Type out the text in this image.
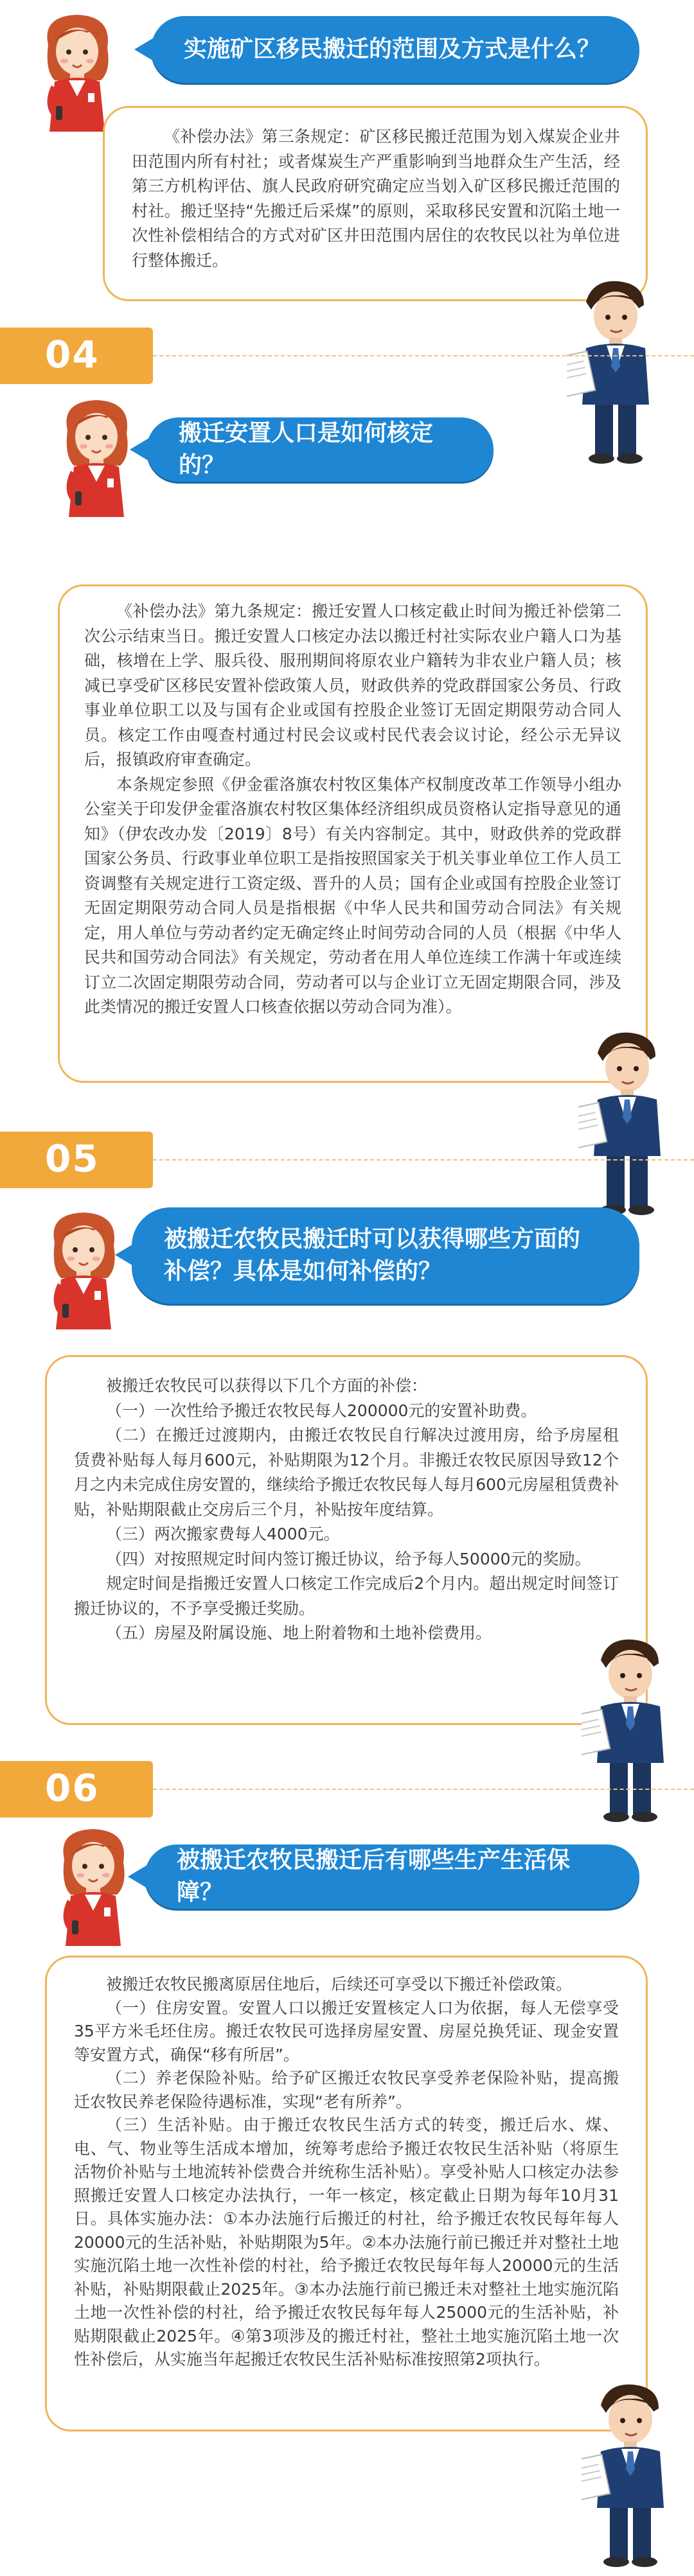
实施矿区移民搬迁的范围及方式是什么？

《补偿办法》第三条规定：矿区移民搬迁范围为划入煤炭企业井田范围内所有村社；或者煤炭生产严重影响到当地群众生产生活，经第三方机构评估、旗人民政府研究确定应当划入矿区移民搬迁范围的村社。搬迁坚持“先搬迁后采煤”的原则，采取移民安置和沉陷土地一次性补偿相结合的方式对矿区井田范围内居住的农牧民以社为单位进行整体搬迁。

04
搬迁安置人口是如何核定的？

《补偿办法》第九条规定：搬迁安置人口核定截止时间为搬迁补偿第二次公示结束当日。搬迁安置人口核定办法以搬迁村社实际农业户籍人口为基础，核增在上学、服兵役、服刑期间将原农业户籍转为非农业户籍人员；核减已享受矿区移民安置补偿政策人员，财政供养的党政群国家公务员、行政事业单位职工以及与国有企业或国有控股企业签订无固定期限劳动合同人员。核定工作由嘎查村通过村民会议或村民代表会议讨论，经公示无异议后，报镇政府审查确定。

本条规定参照《伊金霍洛旗农村牧区集体产权制度改革工作领导小组办公室关于印发伊金霍洛旗农村牧区集体经济组织成员资格认定指导意见的通知》（伊农改办发〔2019〕8号）有关内容制定。其中，财政供养的党政群国家公务员、行政事业单位职工是指按照国家关于机关事业单位工作人员工资调整有关规定进行工资定级、晋升的人员；国有企业或国有控股企业签订无固定期限劳动合同人员是指根据《中华人民共和国劳动合同法》有关规定，用人单位与劳动者约定无确定终止时间劳动合同的人员（根据《中华人民共和国劳动合同法》有关规定，劳动者在用人单位连续工作满十年或连续订立二次固定期限劳动合同，劳动者可以与企业订立无固定期限合同，涉及此类情况的搬迁安置人口核查依据以劳动合同为准）。

05
被搬迁农牧民搬迁时可以获得哪些方面的
补偿？具体是如何补偿的？

被搬迁农牧民可以获得以下几个方面的补偿：

（一）一次性给予搬迁农牧民每人200000元的安置补助费。

（二）在搬迁过渡期内，由搬迁农牧民自行解决过渡用房，给予房屋租赁费补贴每人每月600元，补贴期限为12个月。非搬迁农牧民原因导致12个月之内未完成住房安置的，继续给予搬迁农牧民每人每月600元房屋租赁费补贴，补贴期限截止交房后三个月，补贴按年度结算。

（三）两次搬家费每人4000元。

（四）对按照规定时间内签订搬迁协议，给予每人50000元的奖励。

规定时间是指搬迁安置人口核定工作完成后2个月内。超出规定时间签订搬迁协议的，不予享受搬迁奖励。

（五）房屋及附属设施、地上附着物和土地补偿费用。

06
被搬迁农牧民搬迁后有哪些生产生活保障？

被搬迁农牧民搬离原居住地后，后续还可享受以下搬迁补偿政策。

（一）住房安置。安置人口以搬迁安置核定人口为依据，每人无偿享受35平方米毛坯住房。搬迁农牧民可选择房屋安置、房屋兑换凭证、现金安置等安置方式，确保“移有所居”。

（二）养老保险补贴。给予矿区搬迁农牧民享受养老保险补贴，提高搬迁农牧民养老保险待遇标准，实现“老有所养”。

（三）生活补贴。由于搬迁农牧民生活方式的转变，搬迁后水、煤、电、气、物业等生活成本增加，统筹考虑给予搬迁农牧民生活补贴（将原生活物价补贴与土地流转补偿费合并统称生活补贴）。享受补贴人口核定办法参照搬迁安置人口核定办法执行，一年一核定，核定截止日期为每年10月31日。具体实施办法：①本办法施行后搬迁的村社，给予搬迁农牧民每年每人20000元的生活补贴，补贴期限为5年。②本办法施行前已搬迁并对整社土地实施沉陷土地一次性补偿的村社，给予搬迁农牧民每年每人20000元的生活补贴，补贴期限截止2025年。③本办法施行前已搬迁未对整社土地实施沉陷土地一次性补偿的村社，给予搬迁农牧民每年每人25000元的生活补贴，补贴期限截止2025年。④第3项涉及的搬迁村社，整社土地实施沉陷土地一次性补偿后，从实施当年起搬迁农牧民生活补贴标准按照第2项执行。
